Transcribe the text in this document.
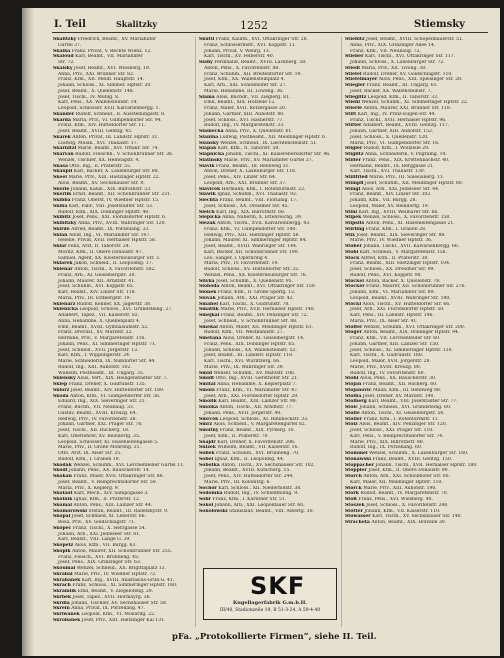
I. Teil	Skalitzky	1252	Stiemsky
Skalitzky Friedrich, Beamt., XV. Mariahilfer
Gürtel 37.
Skalka Franz, Privat, V. Rechte Wienz. 12.
Skaloud Karl, Beamt., VII. Mariahilfer
Str. 72.
Skalsky Josef, Beamt., XVI. Wiesberg. 19.
Anna, Priv., XXI. Brünner Str. 82.
Franz, Kfm., XII. Meidl. Hauptstr. 14.
Johann, Schloss., XI. Simmer. Hptstr. 20.
Josef, Beamt., X. Quellenstr. 148.
Josef, Tischl., IV. Mühlg. 8.
Karl, Pens., XX. Wallensteinstr. 14.
Leopold, Schlosser, XVII. Kalvarienbergg. 1.
Skander Rudolf, Schneid., II. Ausstellungsstr. 8.
Skarda Maria, Priv., VI. Gumpendorfer Str. 94.
Franz, Kfm., XIV. Hütteldorfer Str. 11.
Josef, Beamt., XVIII. Gentzg. 45.
Skarek Anton, Privat, III. Landstr. Hptstr. 31.
Ludwig, Musik., XVI. Thaliastr. 17.
Skarnitzl Marie, Beamt., XVI. Ottakr. Str. 74.
Skarvan Rudolf, Fleischh., V. Schönbrunner Str. 36.
Wenzel, Tischler, XX. Hellwagstr. 4.
Skasa Otto, Ing., II. Praterstr. 55.
Skaupil Karl, Bäcker, X. Laxenburger Str. 88.
Skeel Marie, Priv., XIII. Hietzinger Hptstr. 22.
Alois, Beamt., XV. Sechshauser Str. 9.
Skerle Johann, Kanzl., XIX. Billrothstr. 23.
Skerlik Ernst, Beamt., XII. Schönbrunner Str. 231.
Skibba Franz, Oberst, IV. Wiedner Hptstr. 15.
Skiba Karl, Fabr., VIII. Josefstädter Str. 53.
Rudolf, Kfm., XIX. Döblinger Hptstr. 40.
Skibitz Josef, Pens., XXI. Floridsdorfer Hptstr. 6.
Skibitzky Anna, Priv., XVIII. Währinger Str. 120.
Skirde Alfred, Beamt., IX. Porzellang. 33.
Sklan Adolf, Ing., VI. Mariahilfer Str. 107.
Helene, Privat, XVII. Hernalser Hptstr. 58.
Sklar Felix, Arzt, II. Taborstr. 24.
Moritz, Kfm., II. Obere Donaustr. 47.
Samuel, Agent, XX. Klosterneuburger Str. 3.
Sklarek Jakob, Schneid., II. Leopoldsg. 17.
Sklenar Anton, Tischl., X. Favoritenstr. 162.
Franz, Arb., XI. Geiselbergstr. 30.
Johann, Maurer, XII. Arndtstr. 41.
Josef, Schuhm., XVI. Koppstr. 65.
Karl, Beamt., XIV. Linzer Str. 118.
Maria, Priv., III. Erdbergstr. 19.
Sklenarz Rudolf, Kellner, XX. Jägerstr. 38.
Sklenicka Leopold, Schloss., XVI. Grundsteing. 27.
Adalbert, Tapez., VII. Kaiserstr. 82.
Anna, Hebamme, X. Quellenplatz 4.
Emil, Beamt., XVIII. Gymnasiumstr. 52.
Franz, Drechsl., XV. Märzstr. 22.
Hermine, Priv., V. Margaretenstr. 116.
Johann, Pens., XI. Simmeringer Hptstr. 71.
Josef, Schneid., XVII. Jörgerstr. 13.
Karl, Kfm., I. Wipplingerstr. 24.
Marie, Schneiderin, IX. Nußdorfer Str. 44.
Rudolf, Ing., XIII. Auhofstr. 102.
Wilhelm, Postbeamt., III. Ungarg. 35.
Sklensky Alois, Vert., XIX. Heiligenstädter Str. 7.
Sklep Franz, Dreher, X. Gudrunstr. 135.
Sklorz Josef, Beamt., XIV. Hütteldorfer Str. 189.
Skoda Anton, Kfm., VI. Gumpendorfer Str. 56.
Eduard, Ing., XIX. Sieveringer Str. 21.
Franz, Buchh., VII. Neubaug. 33.
Gustav, Beamt., XVIII. Kreuzg. 64.
Hedwig, Priv., IV. Favoritenstr. 28.
Johann, Gärtner, XXI. Prager Str. 78.
Josef, Tischl., XII. Ruckerg. 18.
Karl, Oberlehrer, XV. Reindorfg. 35.
Leopold, Schlosser, XI. Hasenleitengasse 5.
Marie, Priv., II. Große Mohreng. 21.
Otto, Arzt, IX. Alser Str. 25.
Rudolf, Kfm., I. Graben 19.
Skodak Wenzel, Schuhm., XVI. Lerchenfelder Gürtel 11.
Skodl Johann, Pens., XX. Rauscherstr. 14.
Skokan Franz, Maler, XVII. Ottakringer Str. 88.
Josef, Beamt., V. Reinprechtsdorfer Str. 50.
Maria, Priv., X. Keplerg. 9.
Skolaut Karl, Mech., XIV. Sampogasse 3.
Skolnik Ignaz, Kfm., II. Praterstr. 12.
Skomal Anton, Pens., XIII. Lainzer Str. 44.
Skomorowski Stefan, Beamt., III. Radetzkystr. 9.
Skopal Josef, Schmied, XI. Leberstr. 66.
Rosa, Priv., XV. Goldschlagstr. 71.
Skopec Franz, Tischl., X. Herzgasse 54.
Johann, Arb., XXI. Jedleseer Str. 81.
Karl, Beamt., VIII. Lange G. 39.
Skopetz Alois, Kfm., VII. Burgg. 63.
Skopik Anton, Maurer, XII. Schönbrunner Str. 255.
Franz, Fleisch., XVI. Brunneng. 45.
Josef, Pens., XIX. Grinzinger Str. 63.
Skoumal Wenzel, Schneid., XX. Brigittaplatz 13.
Skrabal Marie, Priv., IV. Wiedner Hptstr. 72.
Skrabanek Karl, Ing., XVIII. Anastasius-Grün-G. 41.
Skrach Franz, Schloss., XI. Simmeringer Hptstr. 160.
Skramlik Emil, Beamt., V. Ziegelofeng. 29.
Skrbek Josef, Tapez., XVII. Hormayrg. 36.
Skrdla Johann, Tischler, XV. Sechshauser Str. 58.
Skrein Anna, Privat, IX. Porzellang. 47.
Skriwanek Leopold, Kfm., VI. Mollardg. 22.
Skrobanek Josef, Priv., XIII. Hietzinger Kai 131.
Skutil Franz, Kaufm., XVI. Ottakringer Str. 28.
Franz, Schlossermstr., XVI. Koppstr. 11.
Johann, Privat, V. Wehrg. 13.
Karl, Tischl., XV. Felberstr. 40.
Slaby Ferdinand, Beamt., XVIII. Lacknerg. 58.
Anton, Pens., X. Favoritenstr. 88.
Franz, Schuhm., XII. Breitenfurter Str. 19.
Josef, Kfm., XX. Wallensteinplatz 4.
Karl, Arb., XXI. Schloßhofer Str. 27.
Marie, Hebamme, III. Löweng. 36.
Slama Alois, Buchdr., VII. Zieglerg. 81.
Emil, Beamt., XIX. Hofzeile 12.
Franz, Maler, XVII. Rötzergasse 20.
Johann, Gärtner, XIII. Auhofstr. 48.
Josef, Schloss., XVI. Hasnerstr. 77.
Rudolf, Ing., IV. Margaretenstr. 33.
Slamecka Anna, Priv., X. Quellenstr. 61.
Slanina Ludwig, Postbeamt., XII. Meidlinger Hptstr. 6.
Slansky Wenzel, Schneid., IX. Liechtensteinstr. 51.
Slapak Karl, Kfm., II. Taborstr. 59.
Slapnicka Johann, Tischl., XI. Kaiserebersdorfer Str. 46.
Slatinsky Marie, Priv., XV. Mariahilfer Gürtel 27.
Slavik Franz, Beamt., III. Rennweg 51.
Anton, Dreher, X. Laxenburger Str. 118.
Josef, Pens., XIV. Linzer Str. 64.
Leopold, Arb., XXI. Brünner Str. 37.
Slavicek Hermann, Kfm., I. Rotenturmstr. 22.
Slawik Ignaz, Schuhm., XVI. Thaliastr. 92.
Slechta Franz, Beamt., VIII. Florianig. 17.
Josef, Schloss., XX. Dresdner Str. 45.
Sleich Karl, Ing., XIX. Billrothstr. 60.
Slepicka Anna, Näherin, X. Ettenreichg. 39.
Slezak Anton, Tischl., XVII. Kalvarienbergg. 43.
Franz, Kfm., VI. Gumpendorfer Str. 140.
Hedwig, Priv., XIII. Hietzinger Hptstr. 58.
Johann, Maurer, XI. Simmeringer Hptstr. 84.
Josef, Beamt., XVIII. Währinger Str. 144.
Karl, Bäcker, XII. Schönbrunner Str. 190.
Leo, Sänger, I. Opernring 4.
Maria, Priv., IV. Favoritenstr. 14.
Rudolf, Schloss., XV. Hütteldorfer Str. 32.
Wenzel, Pens., XX. Klosterneuburger Str. 76.
Slivka Josef, Schuhm., X. Quellenstr. 95.
Sloboda Anton, Beamt., XVI. Ottakringer Str. 150.
Slonek Franz, Kfm., II. Große Sperlg. 12.
Slovak Johann, Arb., XXI. Prager Str. 42.
Smahel Karl, Tischl., X. Gudrunstr. 78.
Smatlik Marie, Priv., XVII. Hernalser Hptstr. 140.
Smejkal Franz, Beamt., XIV. Penzinger Str. 72.
Josef, Schneid., V. Schönbrunner Str. 88.
Smekal Anton, Maler, XII. Meidlinger Hptstr. 61.
Rudolf, Kfm., VII. Westbahnstr. 27.
Smetana Alois, Dreher, XI. Geiselbergstr. 14.
Franz, Pens., XIX. Döblinger Hptstr. 65.
Johann, Schloss., XX. Wallensteinstr. 52.
Josef, Beamt., III. Landstr. Hptstr. 118.
Karl, Tischl., XVI. Wurlitzerg. 66.
Marie, Priv., IX. Währinger Str. 39.
Smid Wenzel, Schuhm., XV. Märzstr. 106.
Smidt Otto, Ing., XVIII. Gersthofer Str. 21.
Smital Anna, Hebamme, X. Keplerplatz 7.
Smola Franz, Kfm., VI. Mariahilfer Str. 47.
Josef, Arb., XXI. Floridsdorfer Hptstr. 29.
Smolik Karl, Beamt., XIII. Lainzer Str. 98.
Smolka Anton, Tischl., XII. Arndtstr. 77.
Johann, Pens., XVII. Jörgerstr. 49.
Smrcek Leopold, Schloss., XI. Rinnböckstr. 33.
Smrz Alois, Schneid., V. Margaretengürtel 82.
Smutny Franz, Beamt., XIX. Pyrkerg. 10.
Josef, Kfm., II. Praterstr. 70.
Snajdr Karl, Dreher, X. Favoritenstr. 206.
Snizek Wilhelm, Beamt., VII. Kaiserstr. 16.
Sobek Franz, Schuhm., XVI. Brunneng. 70.
Sobel Ignaz, Kfm., II. Leopoldsg. 44.
Sobotka Anton, Tischl., XV. Sechshauser Str. 102.
Johann, Beamt., XVIII. Kutscherg. 15.
Josef, Pens., XIV. Hütteldorfer Str. 244.
Marie, Priv., III. Kolonitzg. 6.
Sochor Karl, Schloss., XII. Niederhofstr. 38.
Sodomka Rudolf, Ing., IV. Schleifmühlg. 9.
Sohr Franz, Kfm., I. Kärntner Str. 51.
Sokol Johann, Arb., XXI. Leopoldauer Str. 60.
Sokolowski Stanislaus, Beamt., VIII. Albertg. 30.
Stiebitz Josef, Beamt., XVIII. Schopenhauerstr. 51.
Anna, Priv., XIX. Grinzinger Allee 14.
Franz, Kfm., VII. Neubaug. 72.
Stieber Karl, Tischl., XVI. Ottakringer Str. 117.
Johann, Schloss., X. Laxenburger Str. 72.
Stiedl Maria, Priv., XII. Tivolig. 38.
Stiefel Rudolf, Dreher, XV. Goldschlagstr. 110.
Stiefelmayer Alois, Pens., XIII. Speisinger Str. 28.
Stiegler Franz, Beamt., III. Ungarg. 61.
Josef, Bäcker, XX. Wallensteinstr. 7.
Stieglitz Leopold, Kfm., II. Taborstr. 33.
Stiehl Wenzel, Schuhm., XI. Simmeringer Hptstr. 22.
Stierle Anton, Maurer, XXI. Brünner Str. 118.
Stift Karl, Ing., IV. Prinz-Eugen-Str. 44.
Franz, Tischl., XVII. Hernalser Hptstr. 96.
Stifter Adalbert, Beamt., XVIII. Gentzg. 117.
Johann, Gärtner, XIII. Auhofstr. 152.
Josef, Schloss., X. Quellenstr. 120.
Maria, Priv., VI. Gumpendorfer Str. 16.
Stigler Rudolf, Kfm., I. Wollzeile 29.
Stiglitz Anna, Schneiderin, V. Pilgramg. 14.
Stiller Franz, Pens., XIX. Krottenbachstr. 40.
Hermann, Beamt., IX. Berggasse 21.
Karl, Tischl., XVI. Thaliastr. 130.
Stillfried Marie, Priv., III. Salesianerg. 11.
Stimpfl Josef, Schuhm., XII. Meidlinger Hptstr. 80.
Stingl Alois, Arb., XXI. Jedleseer Str. 44.
Franz, Beamt., XIV. Linzer Str. 302.
Johann, Kfm., VII. Burgg. 28.
Leopold, Maler, XV. Reindorfg. 19.
Stini Karl, Ing., XVIII. Weimarer Str. 66.
Stipek Wenzel, Schloss., X. Favoritenstr. 150.
Stipsits Anton, Pens., XI. Hasenleitengasse 21.
Stirling Franz, Kfm., I. Graben 28.
Stix Josef, Beamt., XIX. Sieveringer Str. 88.
Marie, Priv., IV. Wiedner Hptstr. 36.
Stöber Johann, Tischl., XVII. Kalvarienbergg. 66.
Stobl Karl, Schneid., V. Margaretenstr. 156.
Stock Alfred, Kfm., II. Praterstr. 38.
Franz, Beamt., XIII. Hietzinger Hptstr. 104.
Josef, Schloss., XX. Dresdner Str. 99.
Rudolf, Pens., XVI. Koppstr. 90.
Stöckel Anton, Bäcker, X. Quellenstr. 78.
Stocker Franz, Maurer, XII. Schönbrunner Str. 276.
Johann, Kfm., VI. Mariahilfer Str. 89.
Leopold, Beamt., XVIII. Währinger Str. 180.
Stöckl Alois, Tischl., XV. Hütteldorfer Str. 66.
Josef, Arb., XXI. Floridsdorfer Hptstr. 50.
Karl, Pens., III. Landstr. Hptstr. 146.
Maria, Priv., IX. Alser Str. 41.
Stoffel Wenzel, Schuhm., XVI. Ottakringer Str. 200.
Stöger Anton, Beamt., XIX. Döblinger Hptstr. 94.
Franz, Kfm., VII. Lerchenfelder Str. 60.
Johann, Gärtner, XIII. Lainzer Str. 150.
Josef, Schloss., XI. Simmeringer Hptstr. 130.
Karl, Tischl., X. Gudrunstr. 160.
Leopold, Maler, XVII. Jörgerstr. 28.
Marie, Priv., XVIII. Kreuzg. 80.
Rudolf, Ing., IV. Favoritenstr. 60.
Stohl Alois, Pens., XX. Rauscherstr. 30.
Stojan Franz, Beamt., XII. Ruckerg. 60.
Stojanovic Milan, Kfm., III. Rennweg 88.
Stolba Josef, Dreher, XV. Märzstr. 140.
Stolberg Karl, Beamt., VIII. Josefstädter Str. 77.
Stolc Johann, Schneid., XVI. Grundsteing. 60.
Stolle Anton, Tischl., XI. Geiselbergstr. 56.
Stoller Franz, Kfm., I. Rotenturmstr. 11.
Stolz Alois, Beamt., XIV. Penzinger Str. 120.
Josef, Schloss., XXI. Prager Str. 110.
Karl, Pens., V. Reinprechtsdorfer Str. 74.
Marie, Priv., XIX. Billrothstr. 80.
Rudolf, Ing., IX. Porzellang. 60.
Stommel Wenzel, Schuhm., X. Laxenburger Str. 160.
Stonawski Franz, Beamt., XVIII. Gentzg. 150.
Stoppacher Johann, Tischl., XVII. Hernalser Hptstr. 180.
Stöppler Josef, Kfm., II. Obere Donaustr. 90.
Storch Anton, Arb., XXI. Schloßhofer Str. 60.
Karl, Maler, XII. Meidlinger Hptstr. 110.
Storck Marie, Priv., XIII. Auhofstr. 190.
Stork Rudolf, Beamt., IV. Margaretenstr. 70.
Stoß Franz, Pens., XVI. Wiesberg. 40.
Stoszek Josef, Schloss., X. Favoritenstr. 240.
Stotter Johann, Kfm., VII. Kaiserstr. 110.
Stowasser Karl, Tischl., XV. Sechshauser Str. 140.
Strachota Anton, Beamt., XIX. Hofzeile 30.
SKF
Kugellagerfabrik G.m.b.H.
III/40, Stadionzeile 19, B 51-3-24, A 59-4-40
pFa. „Protokollierte Firmen“, siehe II. Teil.
